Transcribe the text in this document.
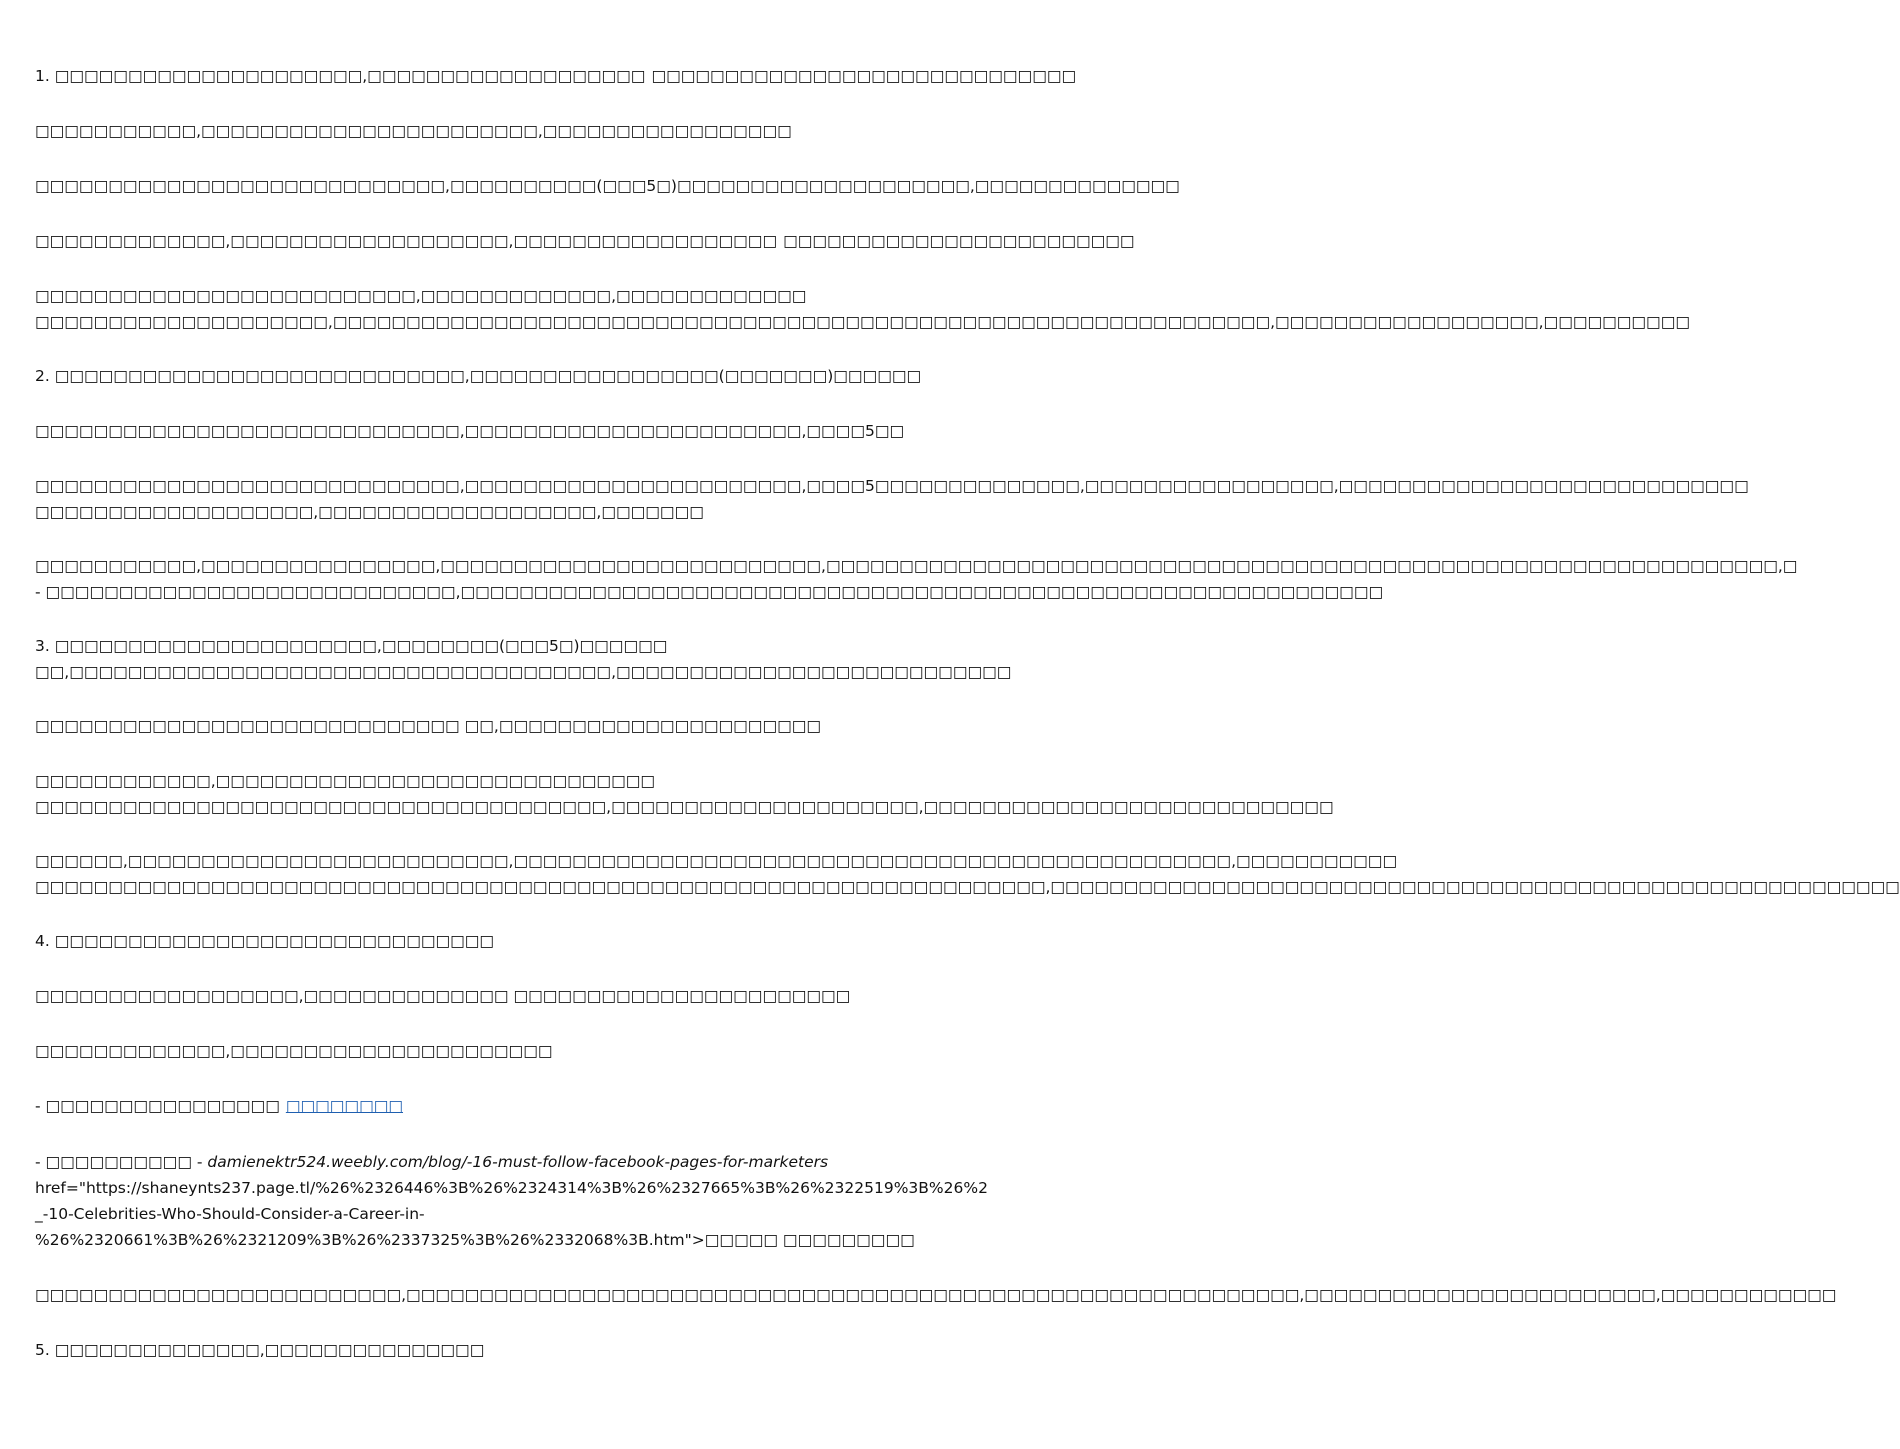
1. □□□□□□□□□□□□□□□□□□□□□,□□□□□□□□□□□□□□□□□□□ □□□□□□□□□□□□□□□□□□□□□□□□□□□□□
□□□□□□□□□□□,□□□□□□□□□□□□□□□□□□□□□□□,□□□□□□□□□□□□□□□□□
□□□□□□□□□□□□□□□□□□□□□□□□□□□□,□□□□□□□□□□(□□□5□)□□□□□□□□□□□□□□□□□□□□,□□□□□□□□□□□□□□
□□□□□□□□□□□□□,□□□□□□□□□□□□□□□□□□□,□□□□□□□□□□□□□□□□□□ □□□□□□□□□□□□□□□□□□□□□□□□
□□□□□□□□□□□□□□□□□□□□□□□□□□,□□□□□□□□□□□□□,□□□□□□□□□□□□□
□□□□□□□□□□□□□□□□□□□□,□□□□□□□□□□□□□□□□□□□□□□□□□□□□□□□□□□□□□□□□□□□□□□□□□□□□□□□□□□□□□□□□,□□□□□□□□□□□□□□□□□□,□□□□□□□□□□
2. □□□□□□□□□□□□□□□□□□□□□□□□□□□□,□□□□□□□□□□□□□□□□□(□□□□□□□)□□□□□□
□□□□□□□□□□□□□□□□□□□□□□□□□□□□□,□□□□□□□□□□□□□□□□□□□□□□□,□□□□5□□
□□□□□□□□□□□□□□□□□□□□□□□□□□□□□,□□□□□□□□□□□□□□□□□□□□□□□,□□□□5□□□□□□□□□□□□□□,□□□□□□□□□□□□□□□□□,□□□□□□□□□□□□□□□□□□□□□□□□□□□□
□□□□□□□□□□□□□□□□□□□,□□□□□□□□□□□□□□□□□□□,□□□□□□□
□□□□□□□□□□□,□□□□□□□□□□□□□□□□,□□□□□□□□□□□□□□□□□□□□□□□□□□,□□□□□□□□□□□□□□□□□□□□□□□□□□□□□□□□□□□□□□□□□□□□□□□□□□□□□□□□□□□□□□□□□,□
- □□□□□□□□□□□□□□□□□□□□□□□□□□□□,□□□□□□□□□□□□□□□□□□□□□□□□□□□□□□□□□□□□□□□□□□□□□□□□□□□□□□□□□□□□□□□
3. □□□□□□□□□□□□□□□□□□□□□□,□□□□□□□□(□□□5□)□□□□□□
□□,□□□□□□□□□□□□□□□□□□□□□□□□□□□□□□□□□□□□□,□□□□□□□□□□□□□□□□□□□□□□□□□□□
□□□□□□□□□□□□□□□□□□□□□□□□□□□□□ □□,□□□□□□□□□□□□□□□□□□□□□□
□□□□□□□□□□□□,□□□□□□□□□□□□□□□□□□□□□□□□□□□□□□
□□□□□□□□□□□□□□□□□□□□□□□□□□□□□□□□□□□□□□□,□□□□□□□□□□□□□□□□□□□□□,□□□□□□□□□□□□□□□□□□□□□□□□□□□□
□□□□□□,□□□□□□□□□□□□□□□□□□□□□□□□□□,□□□□□□□□□□□□□□□□□□□□□□□□□□□□□□□□□□□□□□□□□□□□□□□□□,□□□□□□□□□□□
□□□□□□□□□□□□□□□□□□□□□□□□□□□□□□□□□□□□□□□□□□□□□□□□□□□□□□□□□□□□□□□□□□□□□,□□□□□□□□□□□□□□□□□□□□□□□□□□□□□□□□□□□□□□□□□□□□□□□□□□□□□□□□□□
4. □□□□□□□□□□□□□□□□□□□□□□□□□□□□□□
□□□□□□□□□□□□□□□□□□,□□□□□□□□□□□□□□ □□□□□□□□□□□□□□□□□□□□□□□
□□□□□□□□□□□□□,□□□□□□□□□□□□□□□□□□□□□□
- □□□□□□□□□□□□□□□□ □□□□□□□□
- □□□□□□□□□□ - damienektr524.weebly.com/blog/-16-must-follow-facebook-pages-for-marketers
href="https://shaneynts237.page.tl/%26%2326446%3B%26%2324314%3B%26%2327665%3B%26%2322519%3B%26%2
_-10-Celebrities-Who-Should-Consider-a-Career-in-
%26%2320661%3B%26%2321209%3B%26%2337325%3B%26%2332068%3B.htm">□□□□□ □□□□□□□□□
□□□□□□□□□□□□□□□□□□□□□□□□□,□□□□□□□□□□□□□□□□□□□□□□□□□□□□□□□□□□□□□□□□□□□□□□□□□□□□□□□□□□□□□,□□□□□□□□□□□□□□□□□□□□□□□□,□□□□□□□□□□□□
5. □□□□□□□□□□□□□□,□□□□□□□□□□□□□□□
